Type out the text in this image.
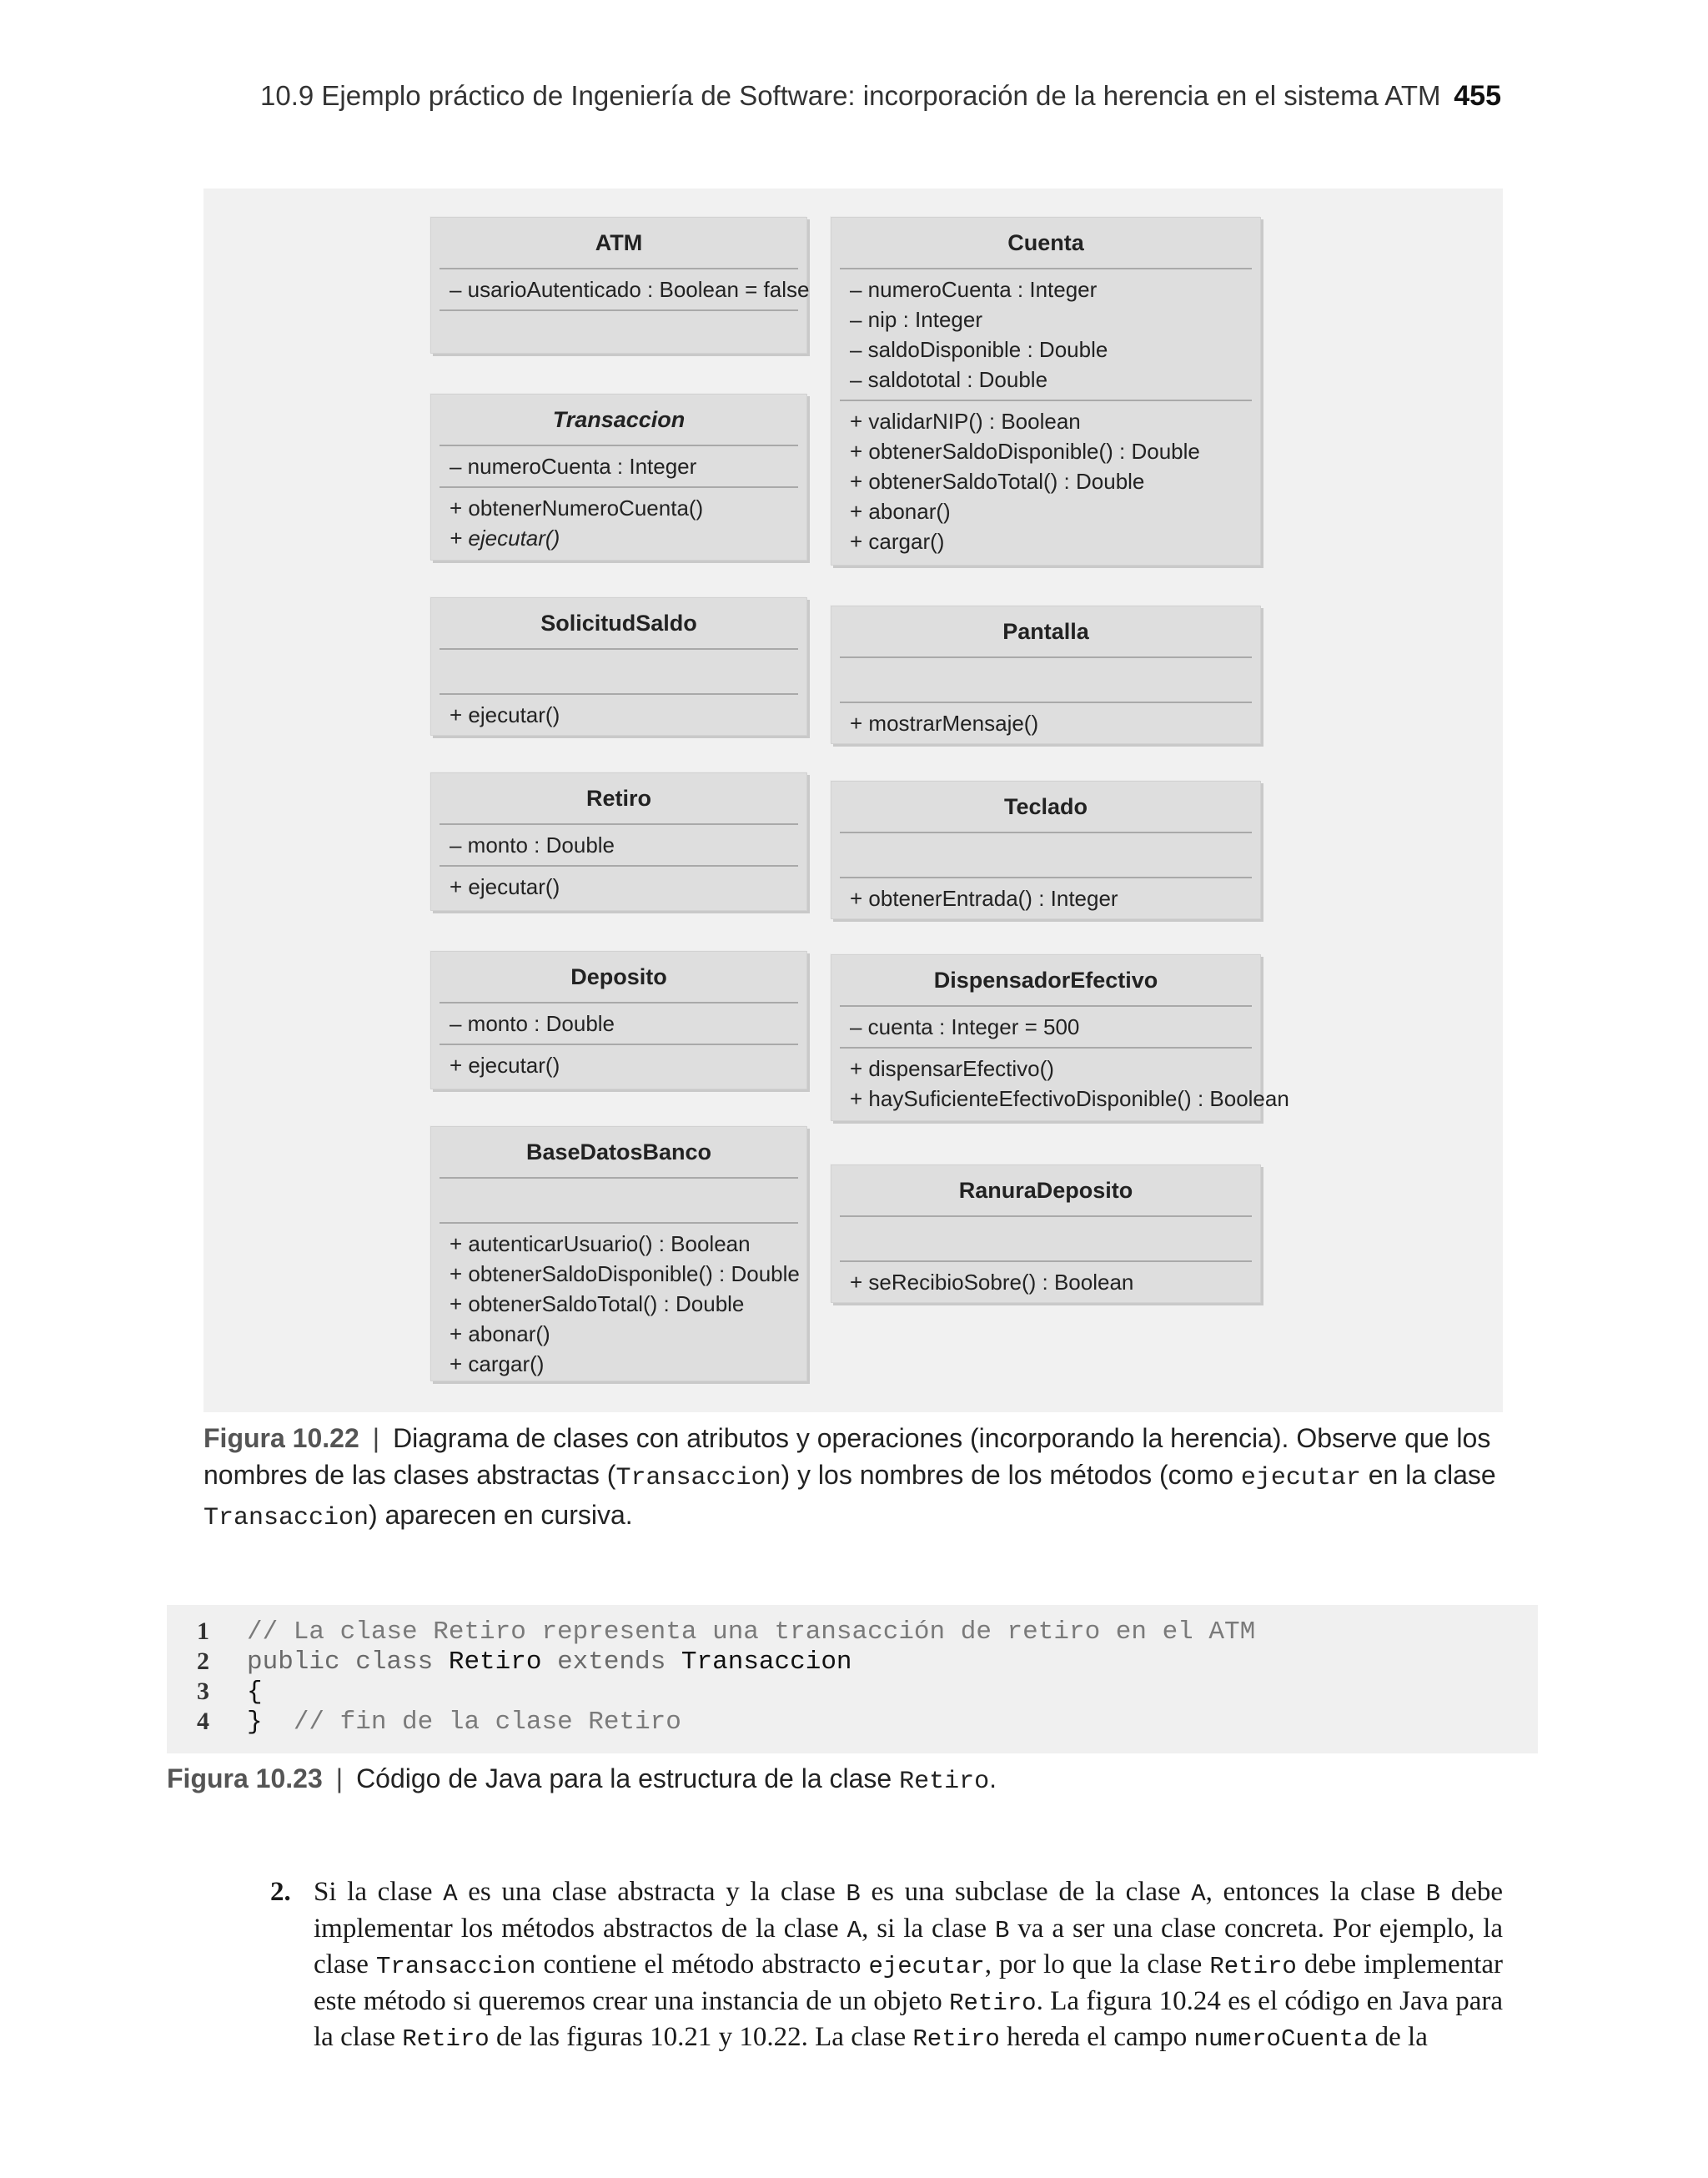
10.9 Ejemplo práctico de Ingeniería de Software: incorporación de la herencia en el sistema ATM 455
ATM
– usarioAutenticado : Boolean = false
Cuenta
– numeroCuenta : Integer
– nip : Integer
– saldoDisponible : Double
– saldototal : Double
+ validarNIP() : Boolean
+ obtenerSaldoDisponible() : Double
+ obtenerSaldoTotal() : Double
+ abonar()
+ cargar()
Transaccion
– numeroCuenta : Integer
+ obtenerNumeroCuenta()
+ ejecutar()
SolicitudSaldo
+ ejecutar()
Pantalla
+ mostrarMensaje()
Retiro
– monto : Double
+ ejecutar()
Teclado
+ obtenerEntrada() : Integer
Deposito
– monto : Double
+ ejecutar()
DispensadorEfectivo
– cuenta : Integer = 500
+ dispensarEfectivo()
+ haySuficienteEfectivoDisponible() : Boolean
BaseDatosBanco
+ autenticarUsuario() : Boolean
+ obtenerSaldoDisponible() : Double
+ obtenerSaldoTotal() : Double
+ abonar()
+ cargar()
RanuraDeposito
+ seRecibioSobre() : Boolean
Figura 10.22 | Diagrama de clases con atributos y operaciones (incorporando la herencia). Observe que los nombres de las clases abstractas (Transaccion) y los nombres de los métodos (como ejecutar en la clase Transaccion) aparecen en cursiva.
1	// La clase Retiro representa una transacción de retiro en el ATM
2	public class Retiro extends Transaccion
3	{
4	} // fin de la clase Retiro
Figura 10.23 | Código de Java para la estructura de la clase Retiro.
2. Si la clase A es una clase abstracta y la clase B es una subclase de la clase A, entonces la clase B debe implementar los métodos abstractos de la clase A, si la clase B va a ser una clase concreta. Por ejemplo, la clase Transaccion contiene el método abstracto ejecutar, por lo que la clase Retiro debe implementar este método si queremos crear una instancia de un objeto Retiro. La figura 10.24 es el código en Java para la clase Retiro de las figuras 10.21 y 10.22. La clase Retiro hereda el campo numeroCuenta de la
